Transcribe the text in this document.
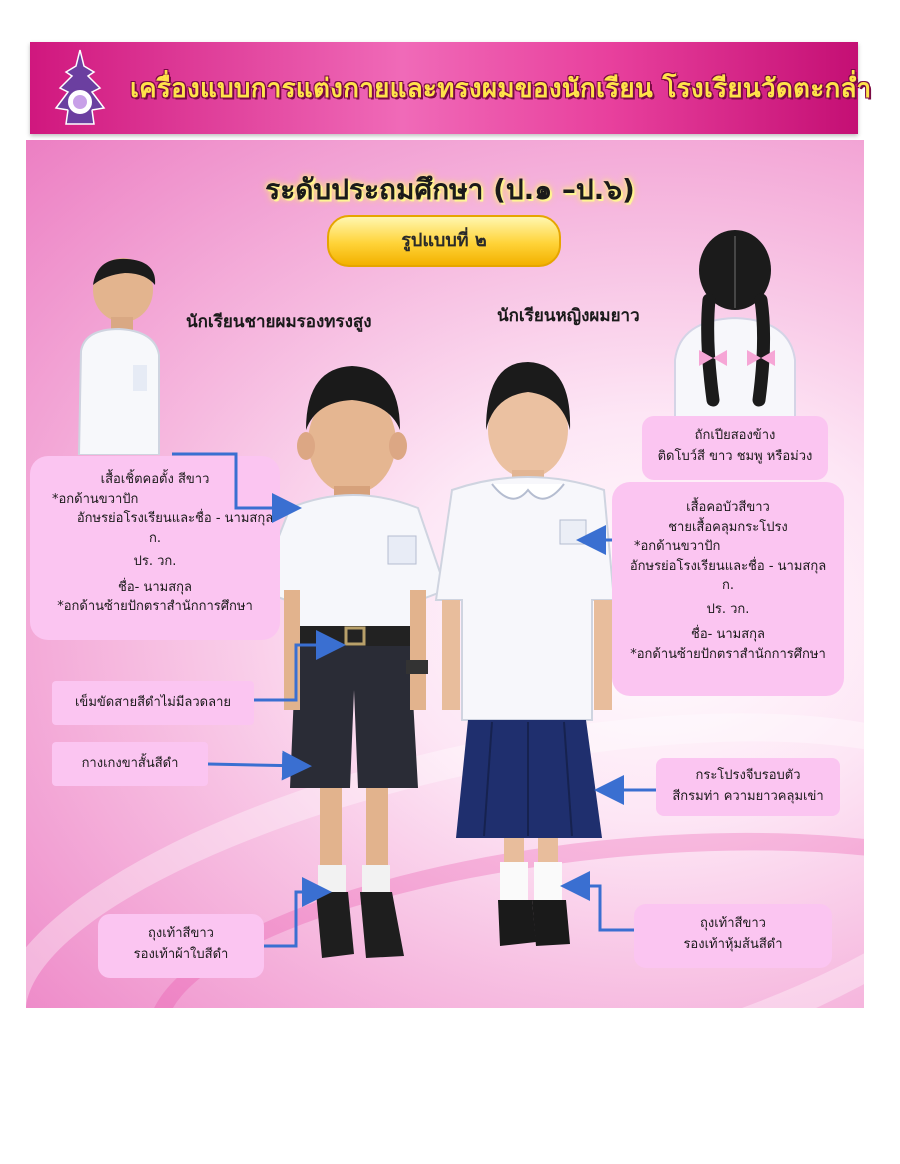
เครื่องแบบการแต่งกายและทรงผมของนักเรียน โรงเรียนวัดตะกล่ำ
ระดับประถมศึกษา (ป.๑ –ป.๖)
รูปแบบที่ ๒
นักเรียนชายผมรองทรงสูง	นักเรียนหญิงผมยาว
เสื้อเชิ้ตคอตั้ง สีขาว
*อกด้านขวาปัก
อักษรย่อโรงเรียนและชื่อ - นามสกุล
ก.
ปร. วก.
ชื่อ- นามสกุล
*อกด้านซ้ายปักตราสำนักการศึกษา
เข็มขัดสายสีดำไม่มีลวดลาย
กางเกงขาสั้นสีดำ
ถุงเท้าสีขาว
รองเท้าผ้าใบสีดำ
ถักเปียสองข้าง
ติดโบว์สี ขาว ชมพู หรือม่วง
เสื้อคอบัวสีขาว
ชายเสื้อคลุมกระโปรง
*อกด้านขวาปัก
อักษรย่อโรงเรียนและชื่อ - นามสกุล
ก.
ปร. วก.
ชื่อ- นามสกุล
*อกด้านซ้ายปักตราสำนักการศึกษา
กระโปรงจีบรอบตัว
สีกรมท่า ความยาวคลุมเข่า
ถุงเท้าสีขาว
รองเท้าหุ้มส้นสีดำ
